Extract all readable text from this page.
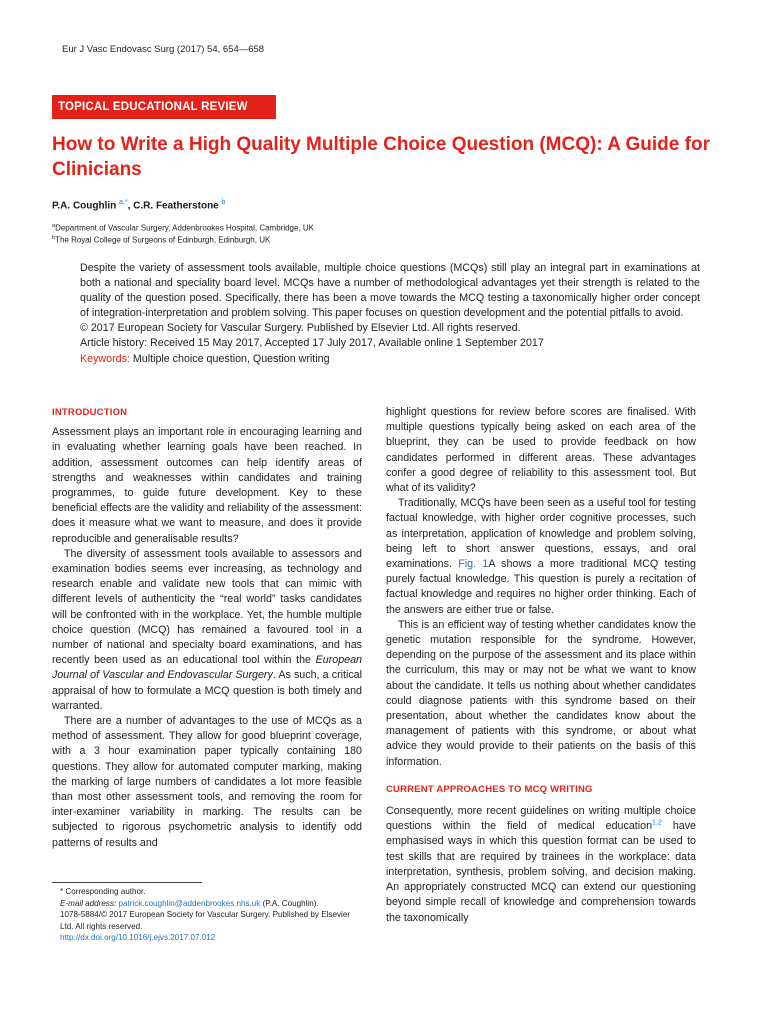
Eur J Vasc Endovasc Surg (2017) 54, 654—658
TOPICAL EDUCATIONAL REVIEW
How to Write a High Quality Multiple Choice Question (MCQ): A Guide for Clinicians
P.A. Coughlin $^{a,*}$, C.R. Featherstone $^b$
$^a$Department of Vascular Surgery, Addenbrookes Hospital, Cambridge, UK
$^b$The Royal College of Surgeons of Edinburgh, Edinburgh, UK

Despite the variety of assessment tools available, multiple choice questions (MCQs) still play an integral part in examinations at both a national and speciality board level. MCQs have a number of methodological advantages yet their strength is related to the quality of the question posed. Specifically, there has been a move towards the MCQ testing a taxonomically higher order concept of integration-interpretation and problem solving. This paper focuses on question development and the potential pitfalls to avoid.

© 2017 European Society for Vascular Surgery. Published by Elsevier Ltd. All rights reserved.

Article history: Received 15 May 2017, Accepted 17 July 2017, Available online 1 September 2017

Keywords: Multiple choice question, Question writing

INTRODUCTION

Assessment plays an important role in encouraging learning and in evaluating whether learning goals have been reached. In addition, assessment outcomes can help identify areas of strengths and weaknesses within candidates and training programmes, to guide future development. Key to these beneficial effects are the validity and reliability of the assessment: does it measure what we want to measure, and does it provide reproducible and generalisable results?

The diversity of assessment tools available to assessors and examination bodies seems ever increasing, as technology and research enable and validate new tools that can mimic with different levels of authenticity the “real world” tasks candidates will be confronted with in the workplace. Yet, the humble multiple choice question (MCQ) has remained a favoured tool in a number of national and specialty board examinations, and has recently been used as an educational tool within the European Journal of Vascular and Endovascular Surgery. As such, a critical appraisal of how to formulate a MCQ question is both timely and warranted.

There are a number of advantages to the use of MCQs as a method of assessment. They allow for good blueprint coverage, with a 3 hour examination paper typically containing 180 questions. They allow for automated computer marking, making the marking of large numbers of candidates a lot more feasible than most other assessment tools, and removing the room for inter-examiner variability in marking. The results can be subjected to rigorous psychometric analysis to identify odd patterns of results and

highlight questions for review before scores are finalised. With multiple questions typically being asked on each area of the blueprint, they can be used to provide feedback on how candidates performed in different areas. These advantages confer a good degree of reliability to this assessment tool. But what of its validity?

Traditionally, MCQs have been seen as a useful tool for testing factual knowledge, with higher order cognitive processes, such as interpretation, application of knowledge and problem solving, being left to short answer questions, essays, and oral examinations. Fig. 1A shows a more traditional MCQ testing purely factual knowledge. This question is purely a recitation of factual knowledge and requires no higher order thinking. Each of the answers are either true or false.

This is an efficient way of testing whether candidates know the genetic mutation responsible for the syndrome. However, depending on the purpose of the assessment and its place within the curriculum, this may or may not be what we want to know about the candidate. It tells us nothing about whether candidates could diagnose patients with this syndrome based on their presentation, about whether the candidates know about the management of patients with this syndrome, or about what advice they would provide to their patients on the basis of this information.

CURRENT APPROACHES TO MCQ WRITING

Consequently, more recent guidelines on writing multiple choice questions within the field of medical education$^{1,2}$ have emphasised ways in which this question format can be used to test skills that are required by trainees in the workplace: data interpretation, synthesis, problem solving, and decision making. An appropriately constructed MCQ can extend our questioning beyond simple recall of knowledge and comprehension towards the taxonomically

* Corresponding author.
E-mail address: patrick.coughlin@addenbrookes.nhs.uk (P.A. Coughlin).
1078-5884/© 2017 European Society for Vascular Surgery. Published by Elsevier Ltd. All rights reserved.
http://dx.doi.org/10.1016/j.ejvs.2017.07.012
